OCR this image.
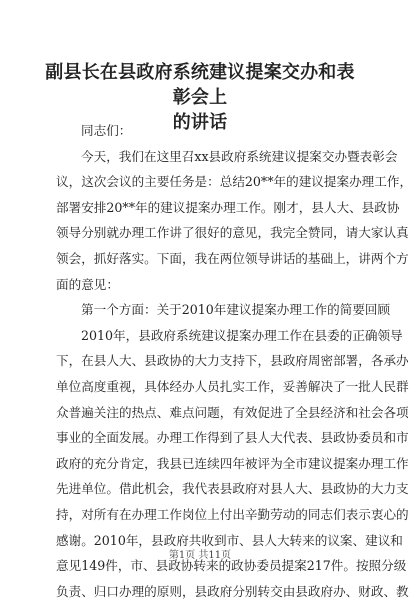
副县长在县政府系统建议提案交办和表彰会上
的讲话
同志们：
今天，我们在这里召xx县政府系统建议提案交办暨表彰会
议，这次会议的主要任务是：总结20**年的建议提案办理工作，
部署安排20**年的建议提案办理工作。刚才，县人大、县政协
领导分别就办理工作讲了很好的意见，我完全赞同，请大家认真
领会，抓好落实。下面，我在两位领导讲话的基础上，讲两个方
面的意见：
第一个方面：关于2010年建议提案办理工作的简要回顾
2010年，县政府系统建议提案办理工作在县委的正确领导
下，在县人大、县政协的大力支持下，县政府周密部署，各承办
单位高度重视，具体经办人员扎实工作，妥善解决了一批人民群
众普遍关注的热点、难点问题，有效促进了全县经济和社会各项
事业的全面发展。办理工作得到了县人大代表、县政协委员和市
政府的充分肯定，我县已连续四年被评为全市建议提案办理工作
先进单位。借此机会，我代表县政府对县人大、县政协的大力支
持，对所有在办理工作岗位上付出辛勤劳动的同志们表示衷心的
感谢。2010年，县政府共收到市、县人大转来的议案、建议和
意见149件，市、县政协转来的政协委员提案217件。按照分级
负责、归口办理的原则，县政府分别转交由县政府办、财政、教
第1页 共11页
